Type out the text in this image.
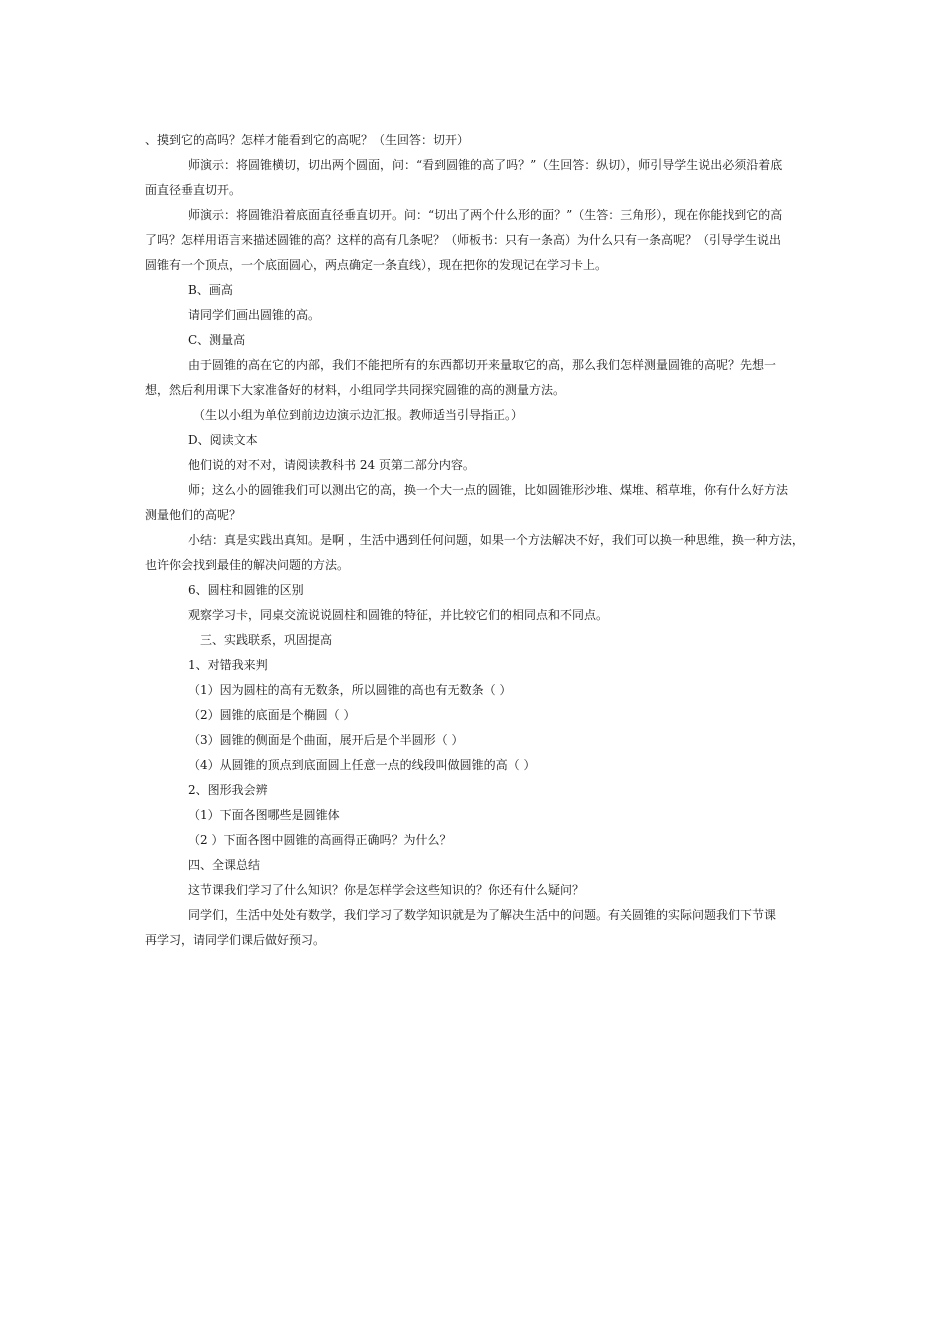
、摸到它的高吗？怎样才能看到它的高呢？（生回答：切开）
师演示：将圆锥横切，切出两个圆面，问：“看到圆锥的高了吗？”（生回答：纵切），师引导学生说出必须沿着底
面直径垂直切开。
师演示：将圆锥沿着底面直径垂直切开。问：“切出了两个什么形的面？”（生答：三角形），现在你能找到它的高
了吗？怎样用语言来描述圆锥的高？这样的高有几条呢？（师板书：只有一条高）为什么只有一条高呢？（引导学生说出
圆锥有一个顶点，一个底面圆心，两点确定一条直线），现在把你的发现记在学习卡上。
B、画高
请同学们画出圆锥的高。
C、测量高
由于圆锥的高在它的内部，我们不能把所有的东西都切开来量取它的高，那么我们怎样测量圆锥的高呢？先想一
想，然后利用课下大家准备好的材料，小组同学共同探究圆锥的高的测量方法。
（生以小组为单位到前边边演示边汇报。教师适当引导指正。）
D、阅读文本
他们说的对不对，请阅读教科书 24 页第二部分内容。
师；这么小的圆锥我们可以测出它的高，换一个大一点的圆锥，比如圆锥形沙堆、煤堆、稻草堆，你有什么好方法
测量他们的高呢？
小结：真是实践出真知。是啊 ，生活中遇到任何问题，如果一个方法解决不好，我们可以换一种思维，换一种方法，
也许你会找到最佳的解决问题的方法。
6、圆柱和圆锥的区别
观察学习卡，同桌交流说说圆柱和圆锥的特征，并比较它们的相同点和不同点。
三、实践联系，巩固提高
1、对错我来判
（1）因为圆柱的高有无数条，所以圆锥的高也有无数条（ ）
（2）圆锥的底面是个椭圆（ ）
（3）圆锥的侧面是个曲面，展开后是个半圆形（ ）
（4）从圆锥的顶点到底面圆上任意一点的线段叫做圆锥的高（ ）
2、图形我会辨
（1）下面各图哪些是圆锥体
（2 ）下面各图中圆锥的高画得正确吗？为什么？
四、全课总结
这节课我们学习了什么知识？你是怎样学会这些知识的？你还有什么疑问？
同学们，生活中处处有数学，我们学习了数学知识就是为了解决生活中的问题。有关圆锥的实际问题我们下节课
再学习，请同学们课后做好预习。
